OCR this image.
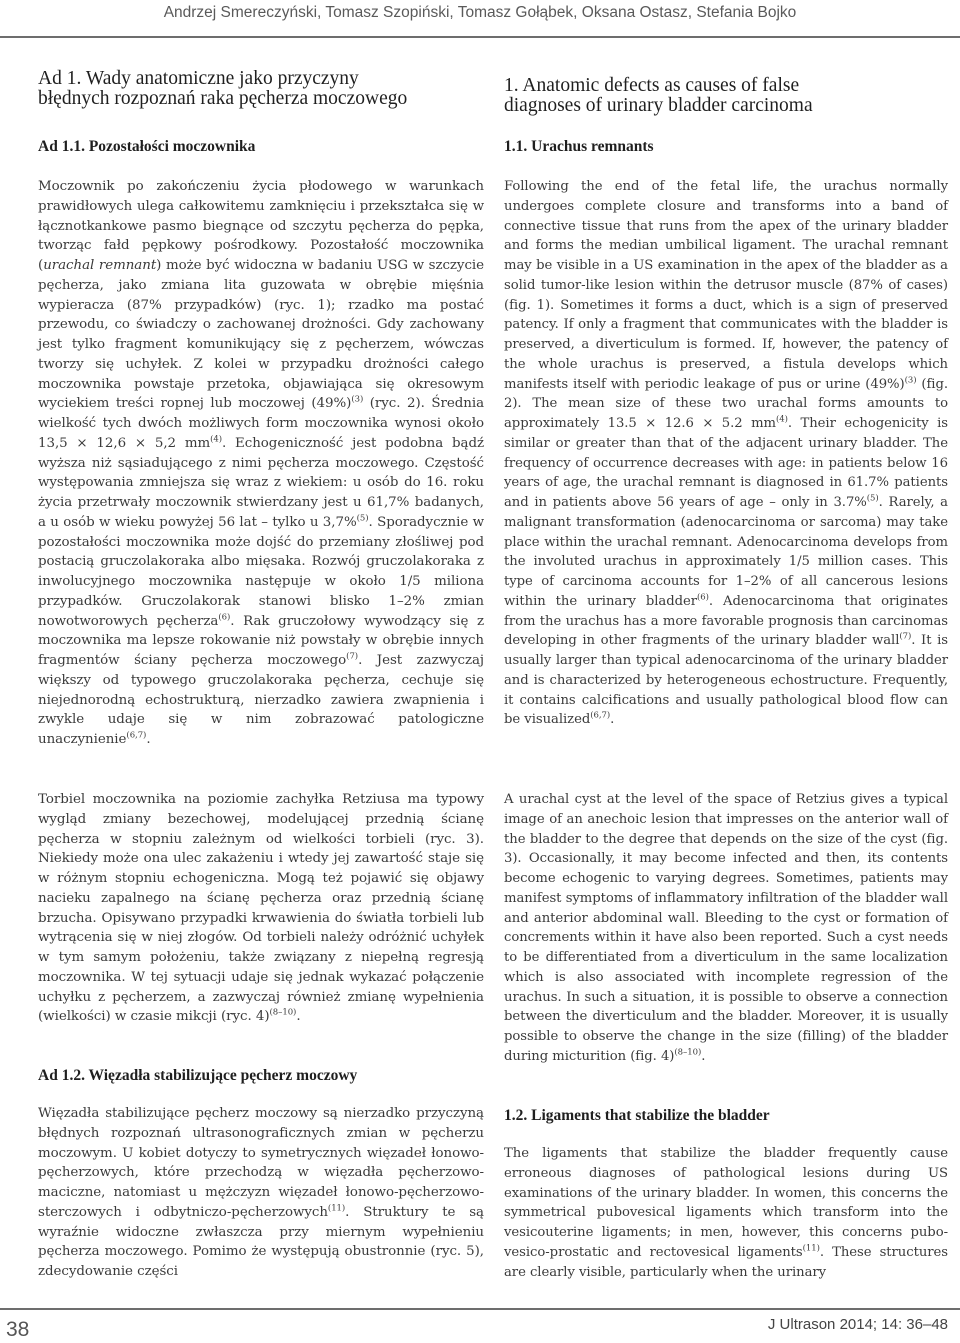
Andrzej Smereczyński, Tomasz Szopiński, Tomasz Gołąbek, Oksana Ostasz, Stefania Bojko
Ad 1. Wady anatomiczne jako przyczyny
błędnych rozpoznań raka pęcherza moczowego
Ad 1.1. Pozostałości moczownika

Moczownik po zakończeniu życia płodowego w warunkach prawidłowych ulega całkowitemu zamknięciu i przekształca się w łącznotkankowe pasmo biegnące od szczytu pęcherza do pępka, tworząc fałd pępkowy pośrodkowy. Pozostałość moczownika (urachal remnant) może być widoczna w badaniu USG w szczycie pęcherza, jako zmiana lita guzowata w obrębie mięśnia wypieracza (87% przypadków) (ryc. 1); rzadko ma postać przewodu, co świadczy o zachowanej drożności. Gdy zachowany jest tylko fragment komunikujący się z pęcherzem, wówczas tworzy się uchyłek. Z kolei w przypadku drożności całego moczownika powstaje przetoka, objawiająca się okresowym wyciekiem treści ropnej lub moczowej $(49\%)^{(3)}$ (ryc. 2). Średnia wielkość tych dwóch możliwych form moczownika wynosi około 13,5 × 12,6 × 5,2 $mm^{(4)}$. Echogeniczność jest podobna bądź wyższa niż sąsiadującego z nimi pęcherza moczowego. Częstość występowania zmniejsza się wraz z wiekiem: u osób do 16. roku życia przetrwały moczownik stwierdzany jest u 61,7% badanych, a u osób w wieku powyżej 56 lat – tylko u 3,7%$^{(5)}$. Sporadycznie w pozostałości moczownika może dojść do przemiany złośliwej pod postacią gruczolakoraka albo mięsaka. Rozwój gruczolakoraka z inwolucyjnego moczownika następuje w około 1/5 miliona przypadków. Gruczolakorak stanowi blisko 1–2% zmian nowotworowych pęcherza$^{(6)}$. Rak gruczołowy wywodzący się z moczownika ma lepsze rokowanie niż powstały w obrębie innych fragmentów ściany pęcherza moczowego$^{(7)}$. Jest zazwyczaj większy od typowego gruczolakoraka pęcherza, cechuje się niejednorodną echostrukturą, nierzadko zawiera zwapnienia i zwykle udaje się w nim zobrazować patologiczne unaczynienie$^{(6,7)}$.

Torbiel moczownika na poziomie zachyłka Retziusa ma typowy wygląd zmiany bezechowej, modelującej przednią ścianę pęcherza w stopniu zależnym od wielkości torbieli (ryc. 3). Niekiedy może ona ulec zakażeniu i wtedy jej zawartość staje się w różnym stopniu echogeniczna. Mogą też pojawić się objawy nacieku zapalnego na ścianę pęcherza oraz przednią ścianę brzucha. Opisywano przypadki krwawienia do światła torbieli lub wytrącenia się w niej złogów. Od torbieli należy odróżnić uchyłek w tym samym położeniu, także związany z niepełną regresją moczownika. W tej sytuacji udaje się jednak wykazać połączenie uchyłku z pęcherzem, a zazwyczaj również zmianę wypełnienia (wielkości) w czasie mikcji (ryc. 4)$^{(8-10)}$.

Ad 1.2. Więzadła stabilizujące pęcherz moczowy

Więzadła stabilizujące pęcherz moczowy są nierzadko przyczyną błędnych rozpoznań ultrasonograficznych zmian w pęcherzu moczowym. U kobiet dotyczy to symetrycznych więzadeł łonowo-pęcherzowych, które przechodzą w więzadła pęcherzowo-maciczne, natomiast u mężczyzn więzadeł łonowo-pęcherzowo-sterczowych i odbytniczo-pęcherzowych$^{(11)}$. Struktury te są wyraźnie widoczne zwłaszcza przy miernym wypełnieniu pęcherza moczowego. Pomimo że występują obustronnie (ryc. 5), zdecydowanie części

1. Anatomic defects as causes of false
diagnoses of urinary bladder carcinoma
1.1. Urachus remnants

Following the end of the fetal life, the urachus normally undergoes complete closure and transforms into a band of connective tissue that runs from the apex of the urinary bladder and forms the median umbilical ligament. The urachal remnant may be visible in a US examination in the apex of the bladder as a solid tumor-like lesion within the detrusor muscle (87% of cases) (fig. 1). Sometimes it forms a duct, which is a sign of preserved patency. If only a fragment that communicates with the bladder is preserved, a diverticulum is formed. If, however, the patency of the whole urachus is preserved, a fistula develops which manifests itself with periodic leakage of pus or urine $(49\%)^{(3)}$ (fig. 2). The mean size of these two urachal forms amounts to approximately 13.5 × 12.6 × 5.2 $mm^{(4)}$. Their echogenicity is similar or greater than that of the adjacent urinary bladder. The frequency of occurrence decreases with age: in patients below 16 years of age, the urachal remnant is diagnosed in 61.7% patients and in patients above 56 years of age – only in 3.7%$^{(5)}$. Rarely, a malignant transformation (adenocarcinoma or sarcoma) may take place within the urachal remnant. Adenocarcinoma develops from the involuted urachus in approximately 1/5 million cases. This type of carcinoma accounts for 1–2% of all cancerous lesions within the urinary bladder$^{(6)}$. Adenocarcinoma that originates from the urachus has a more favorable prognosis than carcinomas developing in other fragments of the urinary bladder wall$^{(7)}$. It is usually larger than typical adenocarcinoma of the urinary bladder and is characterized by heterogeneous echostructure. Frequently, it contains calcifications and usually pathological blood flow can be visualized$^{(6,7)}$.

A urachal cyst at the level of the space of Retzius gives a typical image of an anechoic lesion that impresses on the anterior wall of the bladder to the degree that depends on the size of the cyst (fig. 3). Occasionally, it may become infected and then, its contents become echogenic to varying degrees. Sometimes, patients may manifest symptoms of inflammatory infiltration of the bladder wall and anterior abdominal wall. Bleeding to the cyst or formation of concrements within it have also been reported. Such a cyst needs to be differentiated from a diverticulum in the same localization which is also associated with incomplete regression of the urachus. In such a situation, it is possible to observe a connection between the diverticulum and the bladder. Moreover, it is usually possible to observe the change in the size (filling) of the bladder during micturition (fig. 4)$^{(8-10)}$.

1.2. Ligaments that stabilize the bladder

The ligaments that stabilize the bladder frequently cause erroneous diagnoses of pathological lesions during US examinations of the urinary bladder. In women, this concerns the symmetrical pubovesical ligaments which transform into the vesicouterine ligaments; in men, however, this concerns pubo-vesico-prostatic and rectovesical ligaments$^{(11)}$. These structures are clearly visible, particularly when the urinary

38	J Ultrason 2014; 14: 36–48
